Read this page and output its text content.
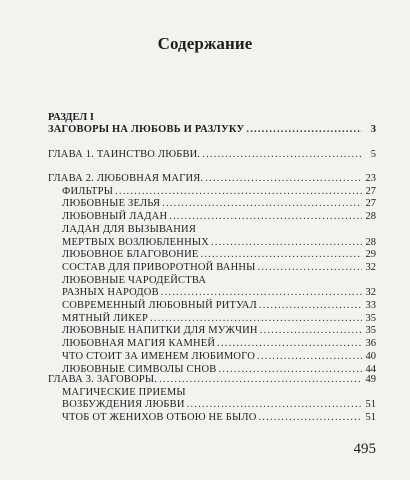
Содержание
РАЗДЕЛ I
ЗАГОВОРЫ НА ЛЮБОВЬ И РАЗЛУКУ .....	3
ГЛАВА 1. ТАИНСТВО ЛЮБВИ. .....	5
ГЛАВА 2. ЛЮБОВНАЯ МАГИЯ. .....	23
ФИЛЬТРЫ .....	27
ЛЮБОВНЫЕ ЗЕЛЬЯ .....	27
ЛЮБОВНЫЙ ЛАДАН .....	28
ЛАДАН ДЛЯ ВЫЗЫВАНИЯ
МЕРТВЫХ ВОЗЛЮБЛЕННЫХ .....	28
ЛЮБОВНОЕ БЛАГОВОНИЕ .....	29
СОСТАВ ДЛЯ ПРИВОРОТНОЙ ВАННЫ .....	32
ЛЮБОВНЫЕ ЧАРОДЕЙСТВА
РАЗНЫХ НАРОДОВ .....	32
СОВРЕМЕННЫЙ ЛЮБОВНЫЙ РИТУАЛ .....	33
МЯТНЫЙ ЛИКЕР .....	35
ЛЮБОВНЫЕ НАПИТКИ ДЛЯ МУЖЧИН .....	35
ЛЮБОВНАЯ МАГИЯ КАМНЕЙ .....	36
ЧТО СТОИТ ЗА ИМЕНЕМ ЛЮБИМОГО .....	40
ЛЮБОВНЫЕ СИМВОЛЫ СНОВ .....	44
ГЛАВА 3. ЗАГОВОРЫ. .....	49
МАГИЧЕСКИЕ ПРИЕМЫ
ВОЗБУЖДЕНИЯ ЛЮБВИ .....	51
ЧТОБ ОТ ЖЕНИХОВ ОТБОЮ НЕ БЫЛО .....	51
495
